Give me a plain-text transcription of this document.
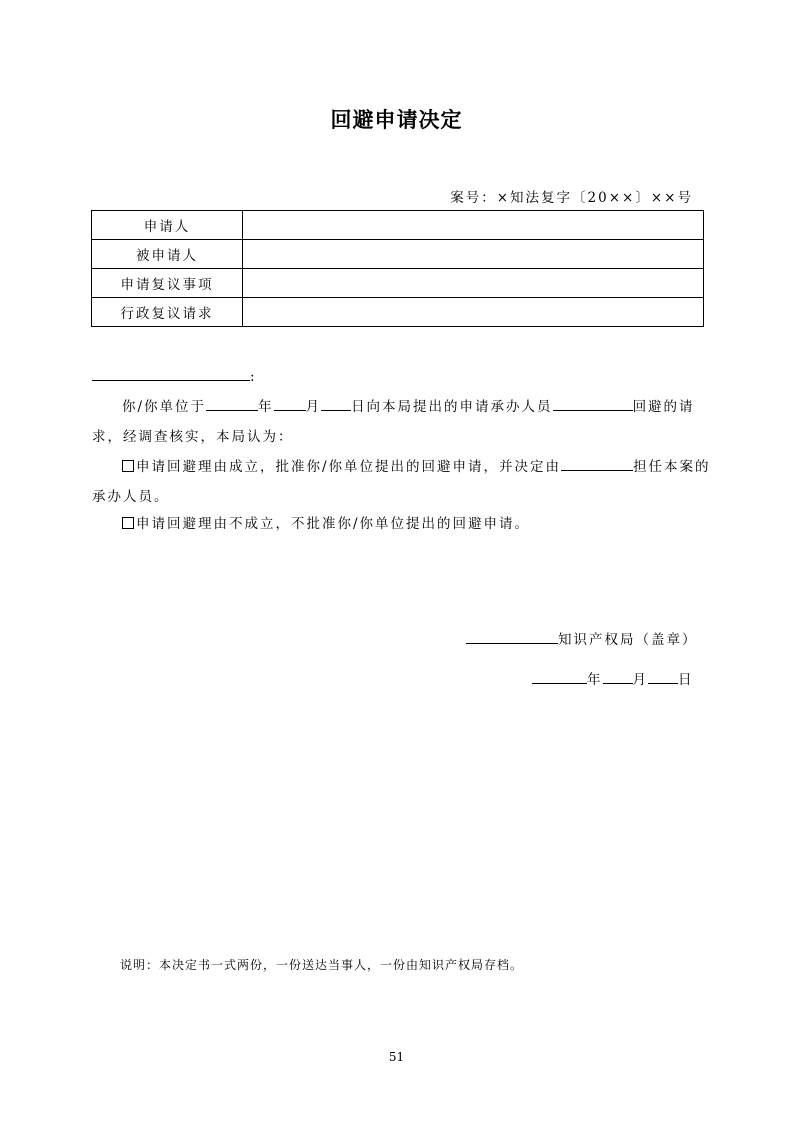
回避申请决定
案号：×知法复字〔20××〕××号
申请人	
被申请人	
申请复议事项	
行政复议请求	
:
你/你单位于	年 月 日向本局提出的申请承办人员	回避的请
求，经调查核实，本局认为：
申请回避理由成立，批准你/你单位提出的回避申请，并决定由	担任本案的
承办人员。
申请回避理由不成立，不批准你/你单位提出的回避申请。
知识产权局（盖章）
年 月 日
说明：本决定书一式两份，一份送达当事人，一份由知识产权局存档。
51
